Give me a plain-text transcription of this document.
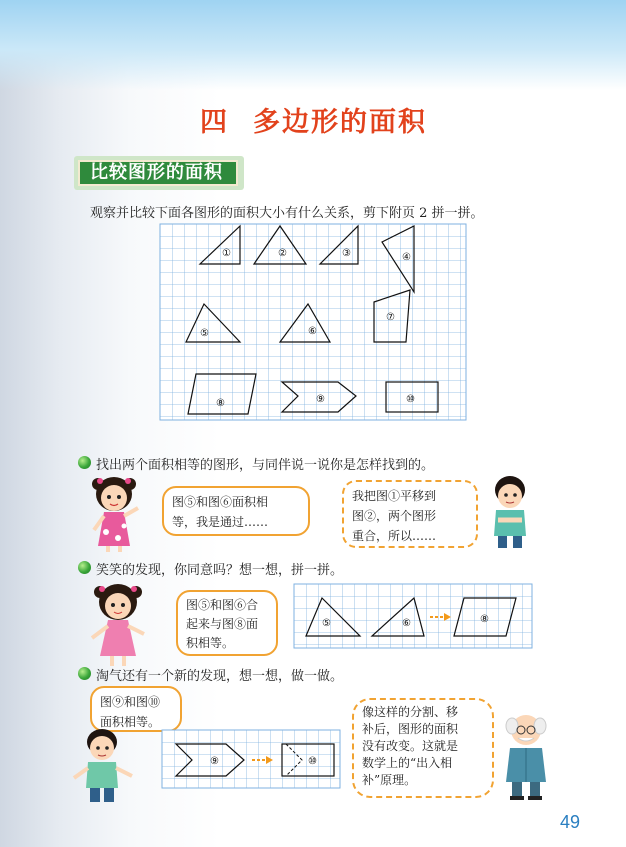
四 多边形的面积
比较图形的面积
观察并比较下面各图形的面积大小有什么关系，剪下附页 2 拼一拼。
①	②	③	④
⑤	⑥
⑦
⑧	⑨	⑩
找出两个面积相等的图形，与同伴说一说你是怎样找到的。
图⑤和图⑥面积相
等，我是通过……
我把图①平移到
图②，两个图形
重合，所以……
笑笑的发现，你同意吗？想一想，拼一拼。
图⑤和图⑥合
起来与图⑧面
积相等。
⑤	⑥	⑧
淘气还有一个新的发现，想一想，做一做。
图⑨和图⑩
面积相等。
⑨	⑩
像这样的分割、移
补后，图形的面积
没有改变。这就是
数学上的“出入相
补”原理。
49
